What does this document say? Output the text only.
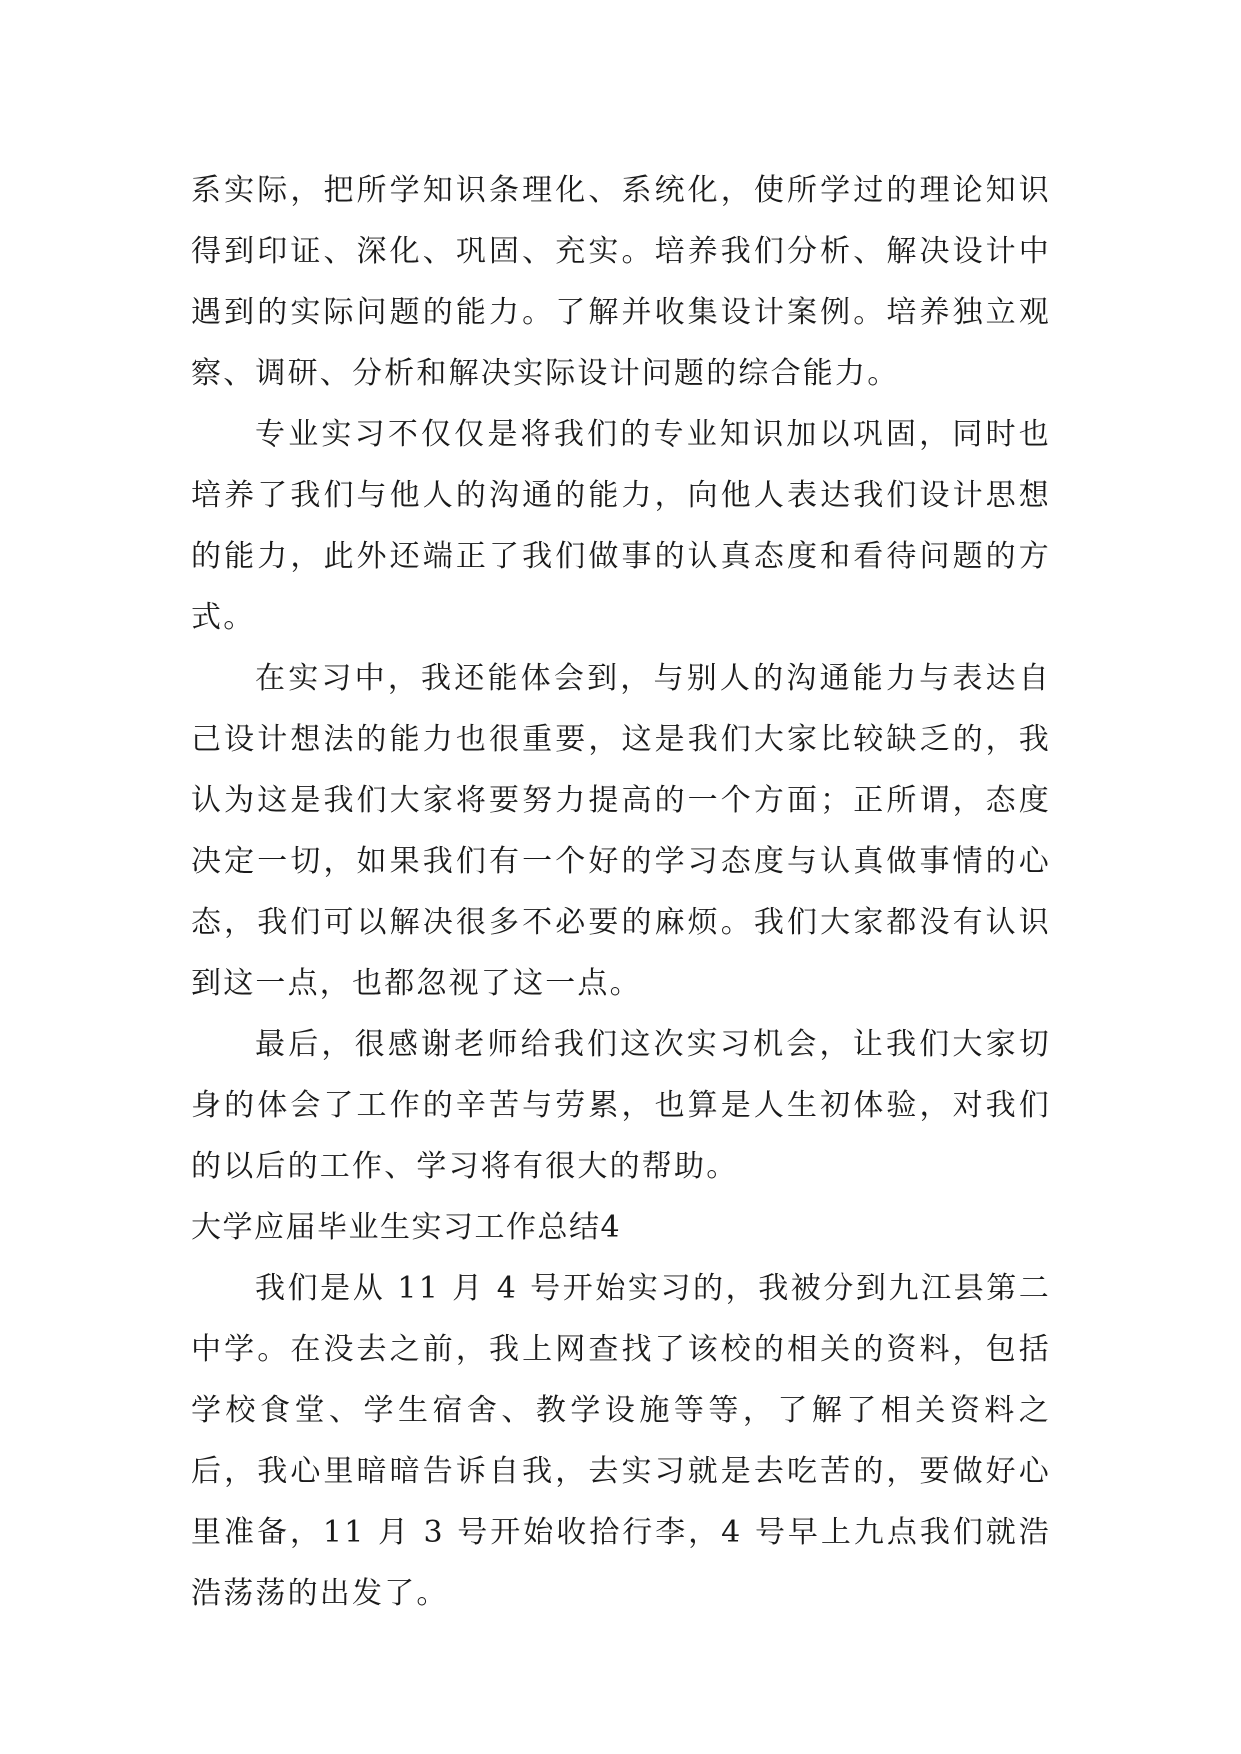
系实际，把所学知识条理化、系统化，使所学过的理论知识得到印证、深化、巩固、充实。培养我们分析、解决设计中遇到的实际问题的能力。了解并收集设计案例。培养独立观察、调研、分析和解决实际设计问题的综合能力。

专业实习不仅仅是将我们的专业知识加以巩固，同时也培养了我们与他人的沟通的能力，向他人表达我们设计思想的能力，此外还端正了我们做事的认真态度和看待问题的方式。

在实习中，我还能体会到，与别人的沟通能力与表达自己设计想法的能力也很重要，这是我们大家比较缺乏的，我认为这是我们大家将要努力提高的一个方面；正所谓，态度决定一切，如果我们有一个好的学习态度与认真做事情的心态，我们可以解决很多不必要的麻烦。我们大家都没有认识到这一点，也都忽视了这一点。

最后，很感谢老师给我们这次实习机会，让我们大家切身的体会了工作的辛苦与劳累，也算是人生初体验，对我们的以后的工作、学习将有很大的帮助。

大学应届毕业生实习工作总结4

我们是从 11 月 4 号开始实习的，我被分到九江县第二中学。在没去之前，我上网查找了该校的相关的资料，包括学校食堂、学生宿舍、教学设施等等，了解了相关资料之后，我心里暗暗告诉自我，去实习就是去吃苦的，要做好心里准备，11 月 3 号开始收拾行李，4 号早上九点我们就浩浩荡荡的出发了。
